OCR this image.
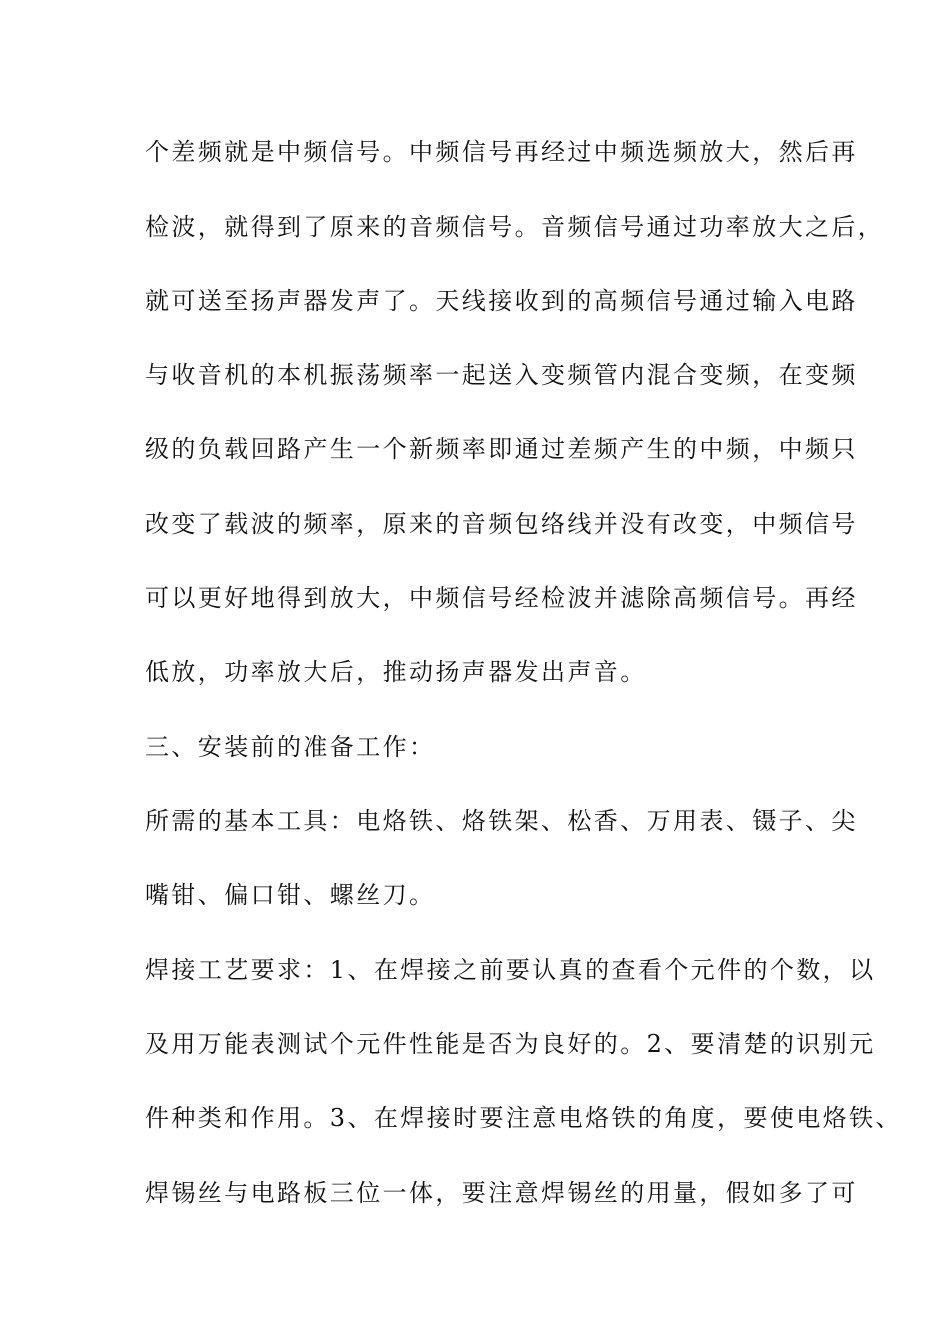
个差频就是中频信号。中频信号再经过中频选频放大，然后再

检波，就得到了原来的音频信号。音频信号通过功率放大之后，

就可送至扬声器发声了。天线接收到的高频信号通过输入电路

与收音机的本机振荡频率一起送入变频管内混合变频，在变频

级的负载回路产生一个新频率即通过差频产生的中频，中频只

改变了载波的频率，原来的音频包络线并没有改变，中频信号

可以更好地得到放大，中频信号经检波并滤除高频信号。再经

低放，功率放大后，推动扬声器发出声音。

三、安装前的准备工作：

所需的基本工具：电烙铁、烙铁架、松香、万用表、镊子、尖

嘴钳、偏口钳、螺丝刀。

焊接工艺要求：1、在焊接之前要认真的查看个元件的个数，以

及用万能表测试个元件性能是否为良好的。2、要清楚的识别元

件种类和作用。3、在焊接时要注意电烙铁的角度，要使电烙铁、

焊锡丝与电路板三位一体，要注意焊锡丝的用量，假如多了可
